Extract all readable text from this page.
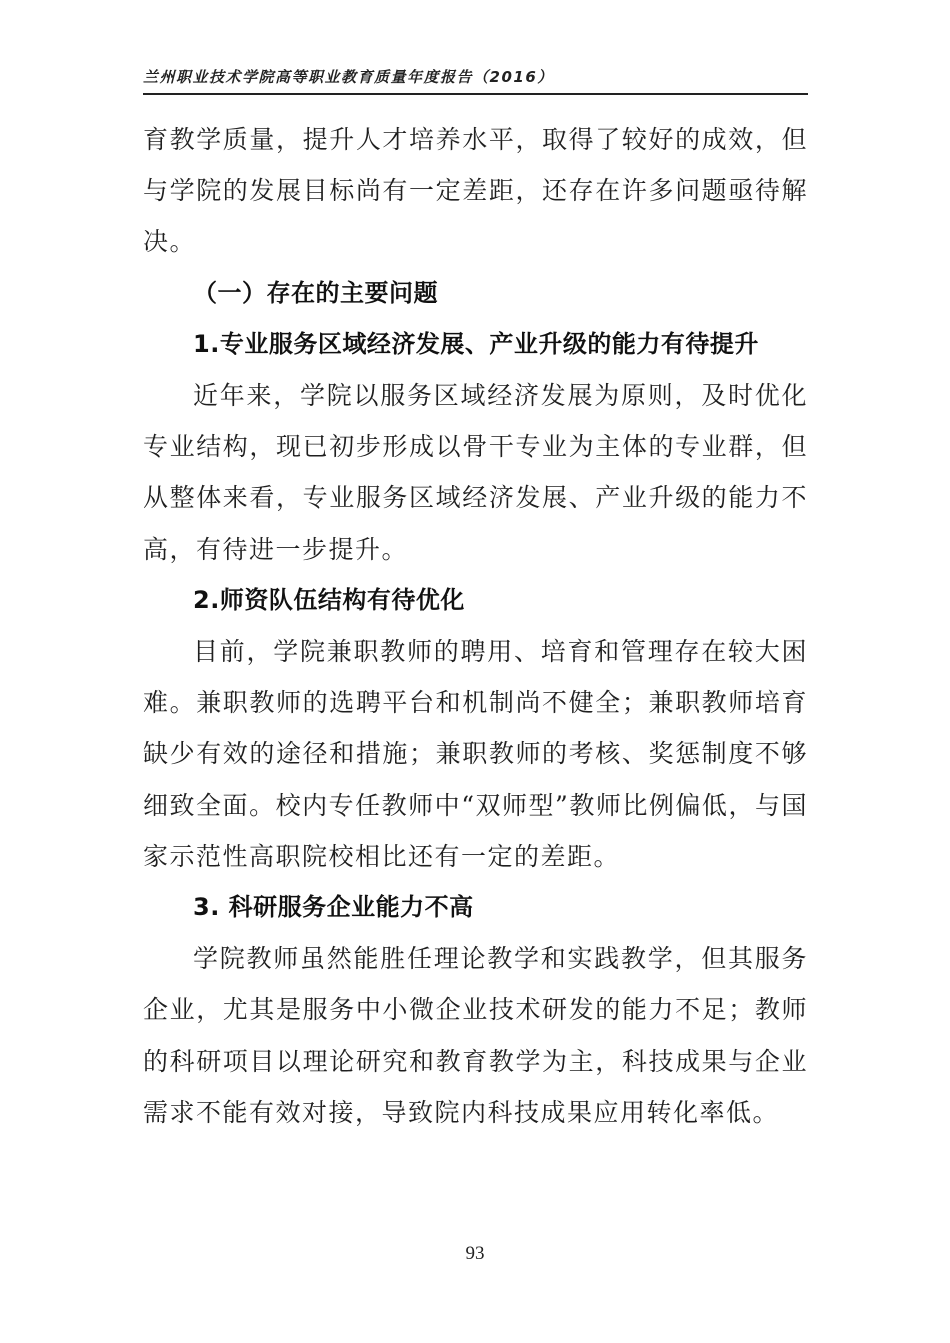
兰州职业技术学院高等职业教育质量年度报告（2016）

育教学质量，提升人才培养水平，取得了较好的成效，但与学院的发展目标尚有一定差距，还存在许多问题亟待解决。

（一）存在的主要问题
1.专业服务区域经济发展、产业升级的能力有待提升

近年来，学院以服务区域经济发展为原则，及时优化专业结构，现已初步形成以骨干专业为主体的专业群，但从整体来看，专业服务区域经济发展、产业升级的能力不高，有待进一步提升。

2.师资队伍结构有待优化

目前，学院兼职教师的聘用、培育和管理存在较大困难。兼职教师的选聘平台和机制尚不健全；兼职教师培育缺少有效的途径和措施；兼职教师的考核、奖惩制度不够细致全面。校内专任教师中“双师型”教师比例偏低，与国家示范性高职院校相比还有一定的差距。

3. 科研服务企业能力不高

学院教师虽然能胜任理论教学和实践教学，但其服务企业，尤其是服务中小微企业技术研发的能力不足；教师的科研项目以理论研究和教育教学为主，科技成果与企业需求不能有效对接，导致院内科技成果应用转化率低。

93
